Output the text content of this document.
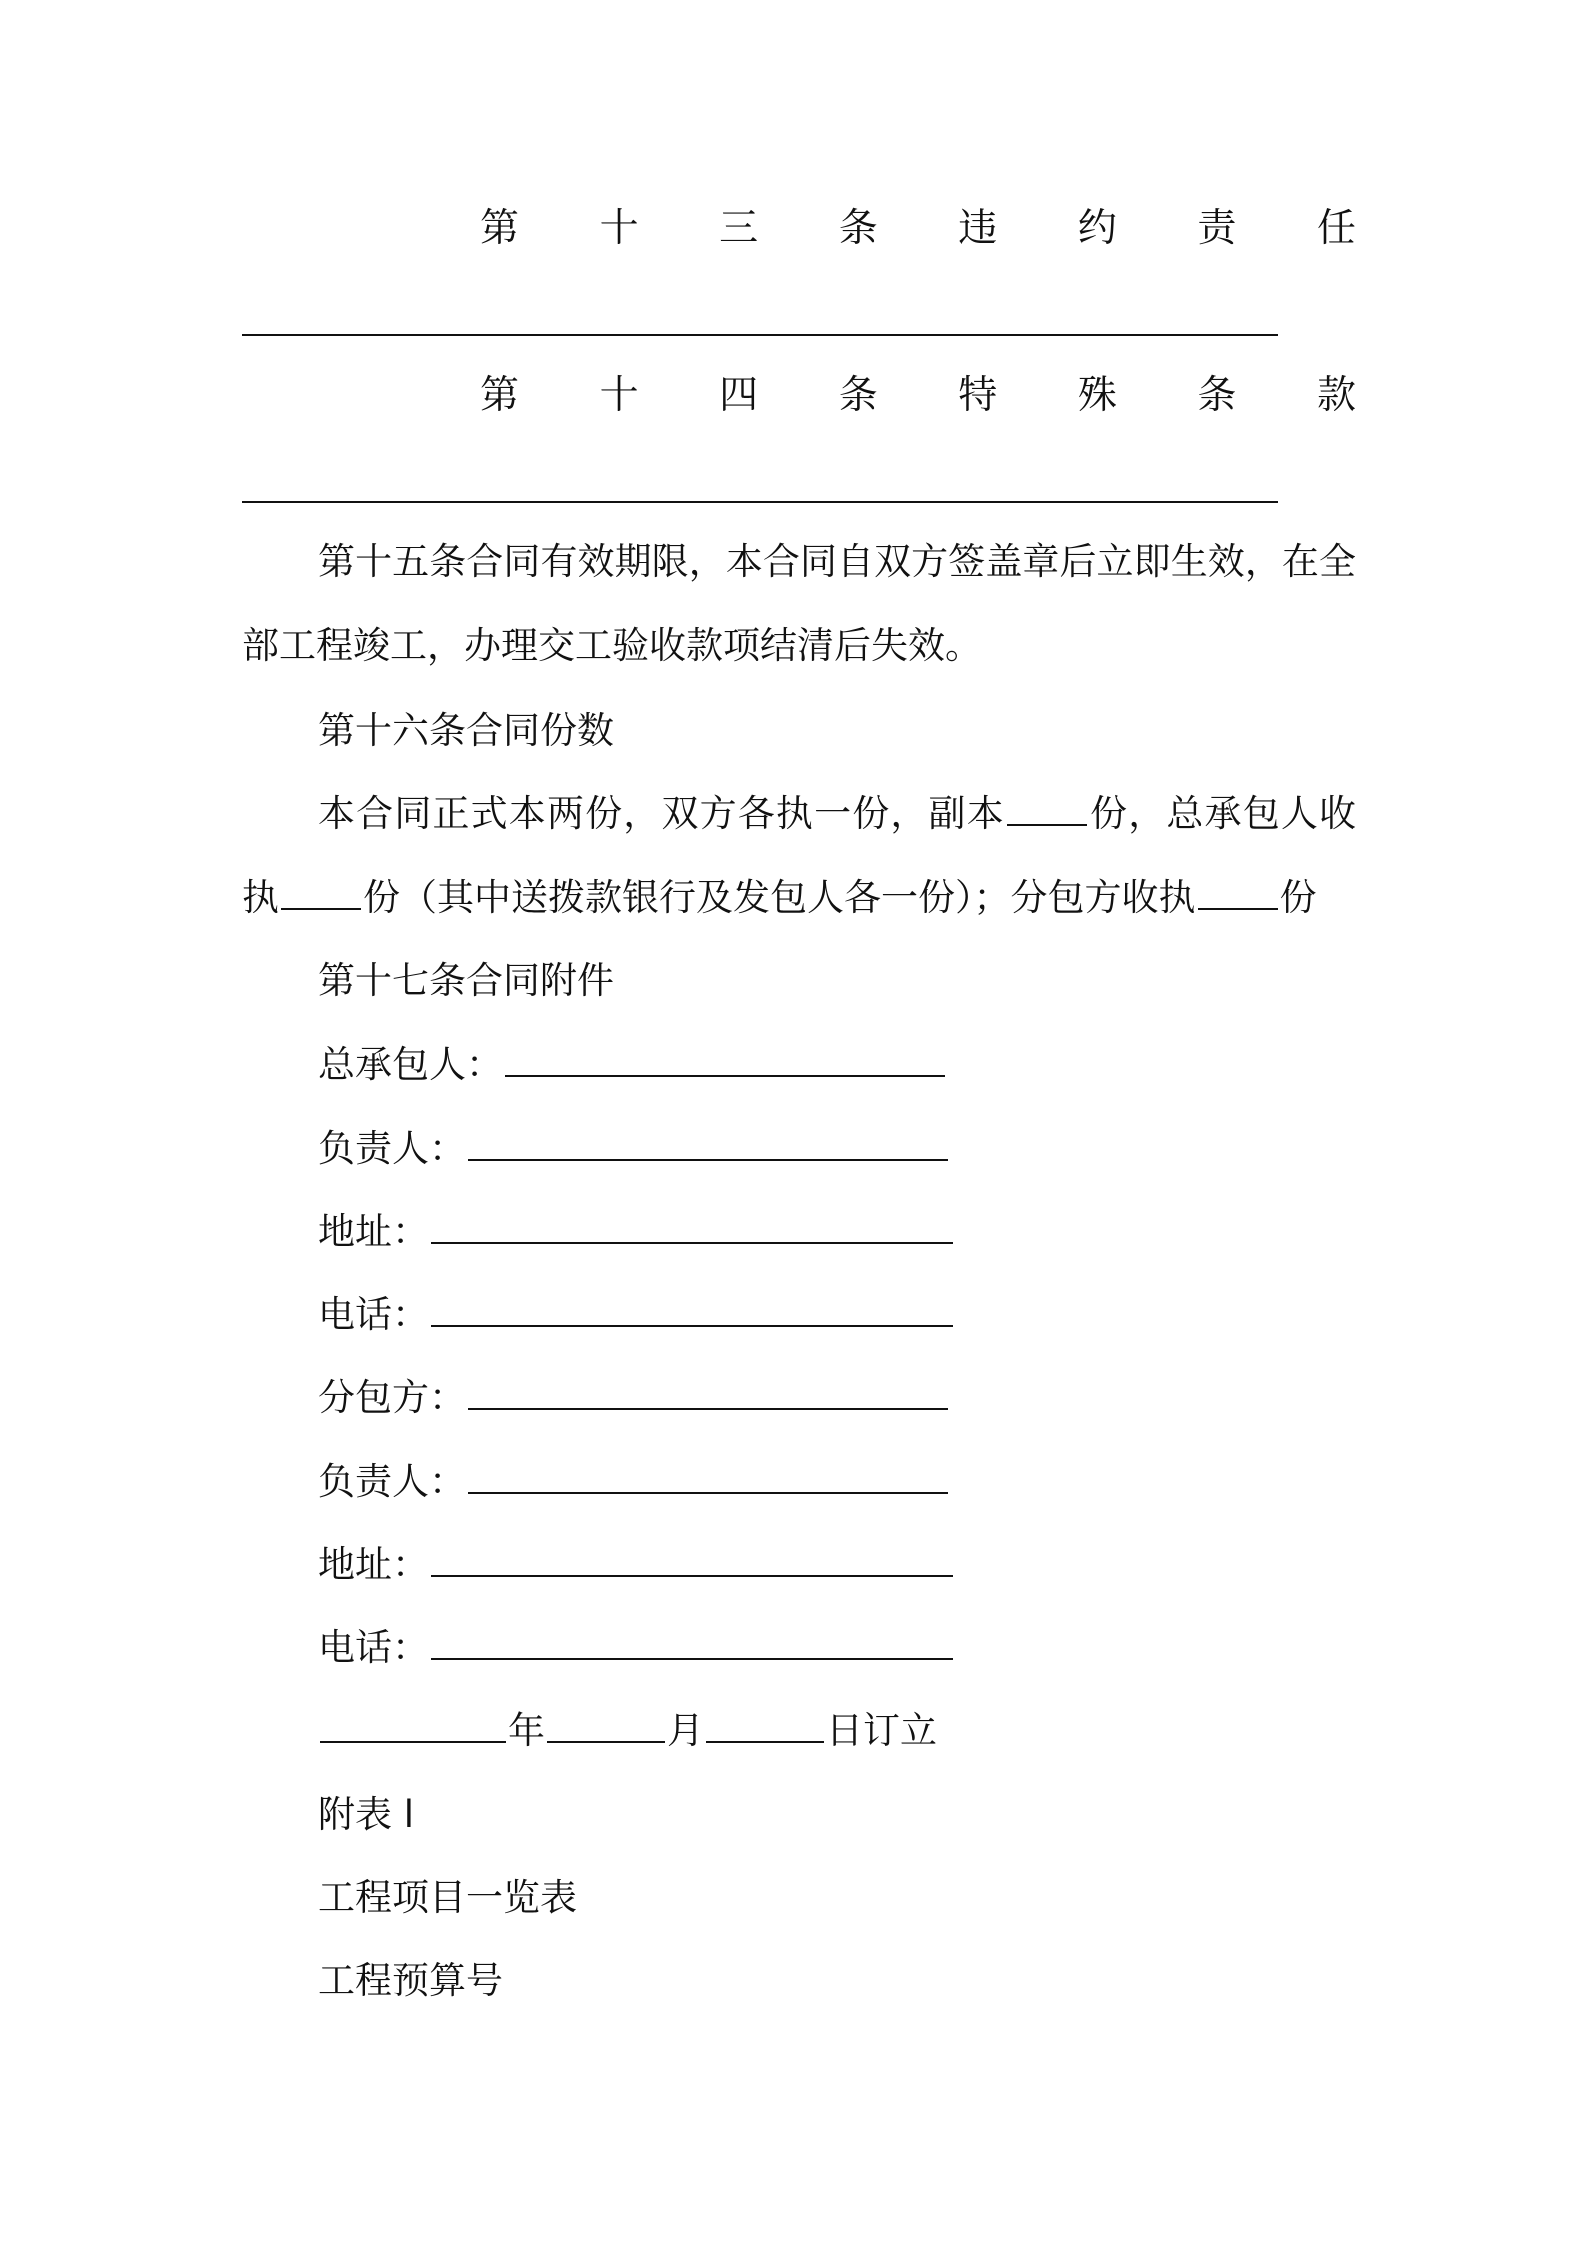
第 十 三 条 违 约 责 任
第 十 四 条 特 殊 条 款
第十五条合同有效期限，本合同自双方签盖章后立即生效，在全部工程竣工，办理交工验收款项结清后失效。
第十六条合同份数
本合同正式本两份，双方各执一份，副本 份，总承包人收执 份（其中送拨款银行及发包人各一份）；分包方收执 份
第十七条合同附件
总承包人：
负责人：
地址：
电话：
分包方：
负责人：
地址：
电话：
年	月	日订立
附表 l
工程项目一览表
工程预算号
